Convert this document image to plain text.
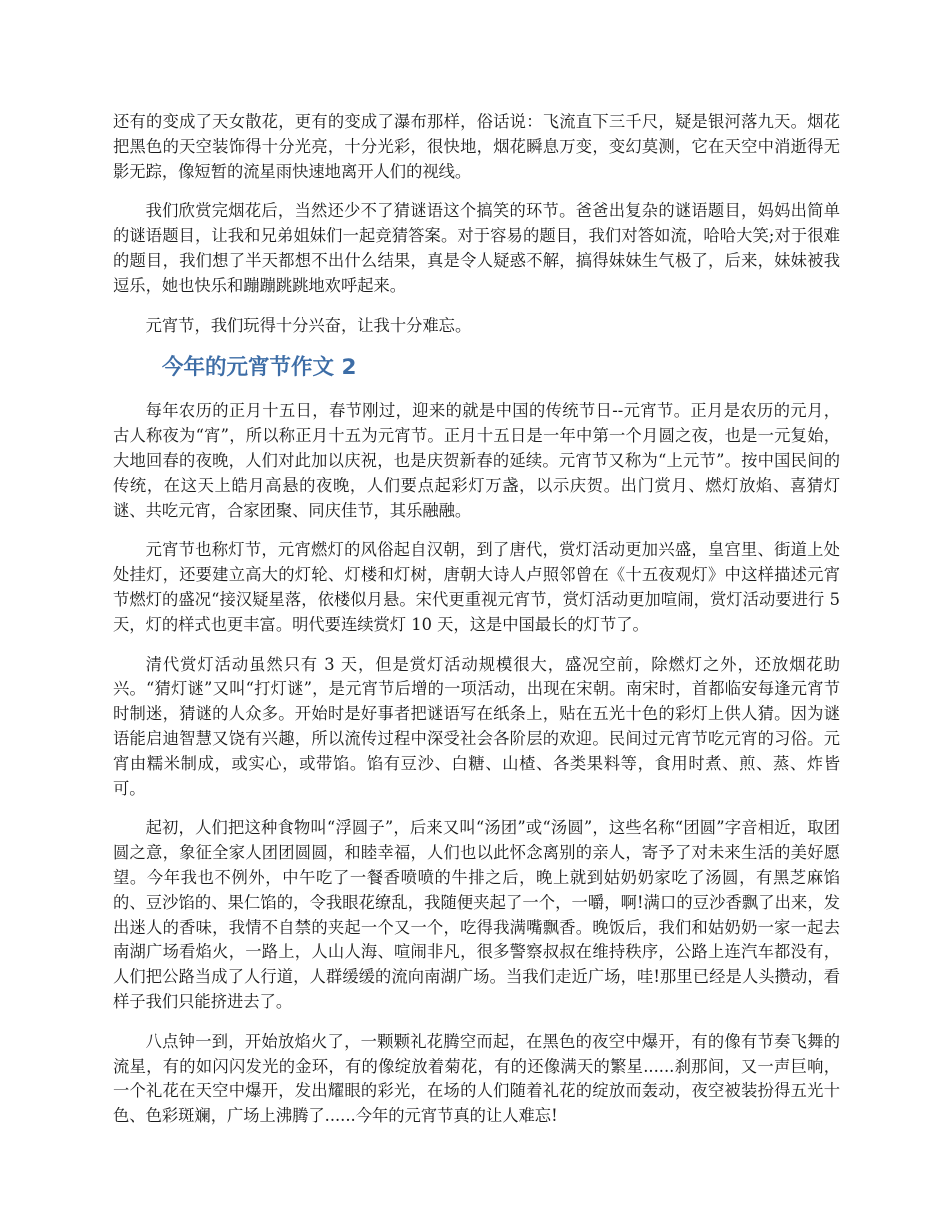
还有的变成了天女散花，更有的变成了瀑布那样，俗话说：飞流直下三千尺，疑是银河落九天。烟花把黑色的天空装饰得十分光亮，十分光彩，很快地，烟花瞬息万变，变幻莫测，它在天空中消逝得无影无踪，像短暂的流星雨快速地离开人们的视线。

我们欣赏完烟花后，当然还少不了猜谜语这个搞笑的环节。爸爸出复杂的谜语题目，妈妈出简单的谜语题目，让我和兄弟姐妹们一起竞猜答案。对于容易的题目，我们对答如流，哈哈大笑;对于很难的题目，我们想了半天都想不出什么结果，真是令人疑惑不解，搞得妹妹生气极了，后来，妹妹被我逗乐，她也快乐和蹦蹦跳跳地欢呼起来。

元宵节，我们玩得十分兴奋，让我十分难忘。

今年的元宵节作文 2

每年农历的正月十五日，春节刚过，迎来的就是中国的传统节日--元宵节。正月是农历的元月，古人称夜为“宵”，所以称正月十五为元宵节。正月十五日是一年中第一个月圆之夜，也是一元复始，大地回春的夜晚，人们对此加以庆祝，也是庆贺新春的延续。元宵节又称为“上元节”。按中国民间的传统，在这天上皓月高悬的夜晚，人们要点起彩灯万盏，以示庆贺。出门赏月、燃灯放焰、喜猜灯谜、共吃元宵，合家团聚、同庆佳节，其乐融融。

元宵节也称灯节，元宵燃灯的风俗起自汉朝，到了唐代，赏灯活动更加兴盛，皇宫里、街道上处处挂灯，还要建立高大的灯轮、灯楼和灯树，唐朝大诗人卢照邻曾在《十五夜观灯》中这样描述元宵节燃灯的盛况“接汉疑星落，依楼似月悬。宋代更重视元宵节，赏灯活动更加喧闹，赏灯活动要进行 5 天，灯的样式也更丰富。明代要连续赏灯 10 天，这是中国最长的灯节了。

清代赏灯活动虽然只有 3 天，但是赏灯活动规模很大，盛况空前，除燃灯之外，还放烟花助兴。“猜灯谜”又叫“打灯谜”，是元宵节后增的一项活动，出现在宋朝。南宋时，首都临安每逢元宵节时制迷，猜谜的人众多。开始时是好事者把谜语写在纸条上，贴在五光十色的彩灯上供人猜。因为谜语能启迪智慧又饶有兴趣，所以流传过程中深受社会各阶层的欢迎。民间过元宵节吃元宵的习俗。元宵由糯米制成，或实心，或带馅。馅有豆沙、白糖、山楂、各类果料等，食用时煮、煎、蒸、炸皆可。

起初，人们把这种食物叫“浮圆子”，后来又叫“汤团”或“汤圆”，这些名称“团圆”字音相近，取团圆之意，象征全家人团团圆圆，和睦幸福，人们也以此怀念离别的亲人，寄予了对未来生活的美好愿望。今年我也不例外，中午吃了一餐香喷喷的牛排之后，晚上就到姑奶奶家吃了汤圆，有黑芝麻馅的、豆沙馅的、果仁馅的，令我眼花缭乱，我随便夹起了一个，一嚼，啊!满口的豆沙香飘了出来，发出迷人的香味，我情不自禁的夹起一个又一个，吃得我满嘴飘香。晚饭后，我们和姑奶奶一家一起去南湖广场看焰火，一路上，人山人海、喧闹非凡，很多警察叔叔在维持秩序，公路上连汽车都没有，人们把公路当成了人行道，人群缓缓的流向南湖广场。当我们走近广场，哇!那里已经是人头攒动，看样子我们只能挤进去了。

八点钟一到，开始放焰火了，一颗颗礼花腾空而起，在黑色的夜空中爆开，有的像有节奏飞舞的流星，有的如闪闪发光的金环，有的像绽放着菊花，有的还像满天的繁星......刹那间，又一声巨响，一个礼花在天空中爆开，发出耀眼的彩光，在场的人们随着礼花的绽放而轰动，夜空被装扮得五光十色、色彩斑斓，广场上沸腾了......今年的元宵节真的让人难忘!
